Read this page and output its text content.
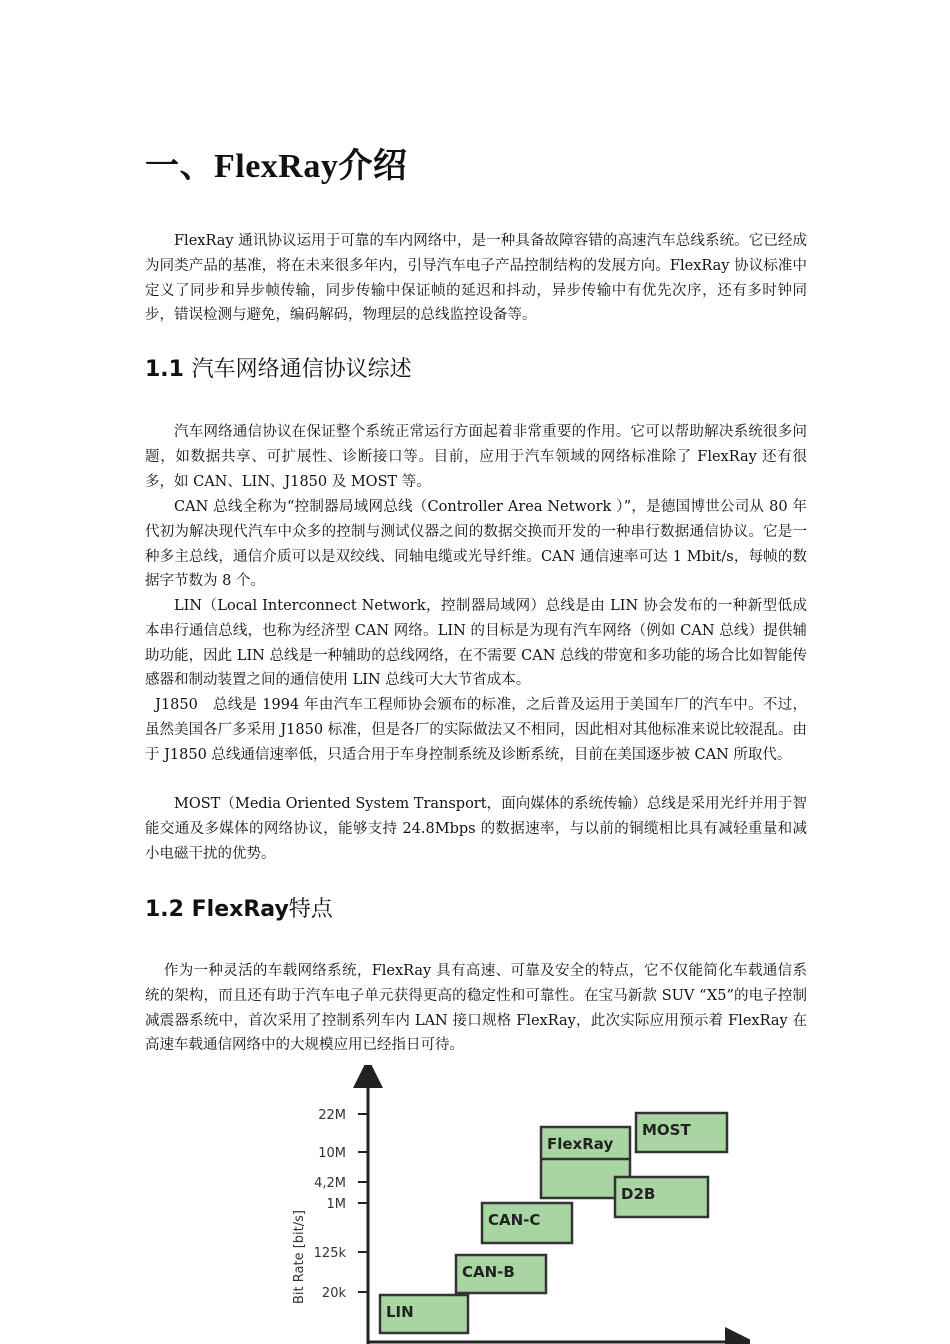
一、FlexRay介绍

FlexRay 通讯协议运用于可靠的车内网络中，是一种具备故障容错的高速汽车总线系统。它已经成为同类产品的基准，将在未来很多年内，引导汽车电子产品控制结构的发展方向。FlexRay 协议标准中定义了同步和异步帧传输，同步传输中保证帧的延迟和抖动，异步传输中有优先次序，还有多时钟同步，错误检测与避免，编码解码，物理层的总线监控设备等。

1.1 汽车网络通信协议综述

汽车网络通信协议在保证整个系统正常运行方面起着非常重要的作用。它可以帮助解决系统很多问题，如数据共享、可扩展性、诊断接口等。目前，应用于汽车领域的网络标准除了 FlexRay 还有很多，如 CAN、LIN、J1850 及 MOST 等。

CAN 总线全称为“控制器局域网总线（Controller Area Network ）”，是德国博世公司从 80 年代初为解决现代汽车中众多的控制与测试仪器之间的数据交换而开发的一种串行数据通信协议。它是一种多主总线，通信介质可以是双绞线、同轴电缆或光导纤维。CAN 通信速率可达 1 Mbit/s，每帧的数据字节数为 8 个。

LIN（Local Interconnect Network，控制器局域网）总线是由 LIN 协会发布的一种新型低成本串行通信总线，也称为经济型 CAN 网络。LIN 的目标是为现有汽车网络（例如 CAN 总线）提供辅助功能，因此 LIN 总线是一种辅助的总线网络，在不需要 CAN 总线的带宽和多功能的场合比如智能传感器和制动装置之间的通信使用 LIN 总线可大大节省成本。

J1850　总线是 1994 年由汽车工程师协会颁布的标准，之后普及运用于美国车厂的汽车中。不过，虽然美国各厂多采用 J1850 标准，但是各厂的实际做法又不相同，因此相对其他标准来说比较混乱。由于 J1850 总线通信速率低，只适合用于车身控制系统及诊断系统，目前在美国逐步被 CAN 所取代。

MOST（Media Oriented System Transport，面向媒体的系统传输）总线是采用光纤并用于智能交通及多媒体的网络协议，能够支持 24.8Mbps 的数据速率，与以前的铜缆相比具有减轻重量和减小电磁干扰的优势。

1.2 FlexRay特点

作为一种灵活的车载网络系统，FlexRay 具有高速、可靠及安全的特点，它不仅能简化车载通信系统的架构，而且还有助于汽车电子单元获得更高的稳定性和可靠性。在宝马新款 SUV “X5”的电子控制减震器系统中，首次采用了控制系列车内 LAN 接口规格 FlexRay，此次实际应用预示着 FlexRay 在高速车载通信网络中的大规模应用已经指日可待。

Bit Rate [bit/s]
22M
10M
4,2M
1M
125k
20k
LIN
CAN-B
CAN-C
FlexRay
D2B
MOST
